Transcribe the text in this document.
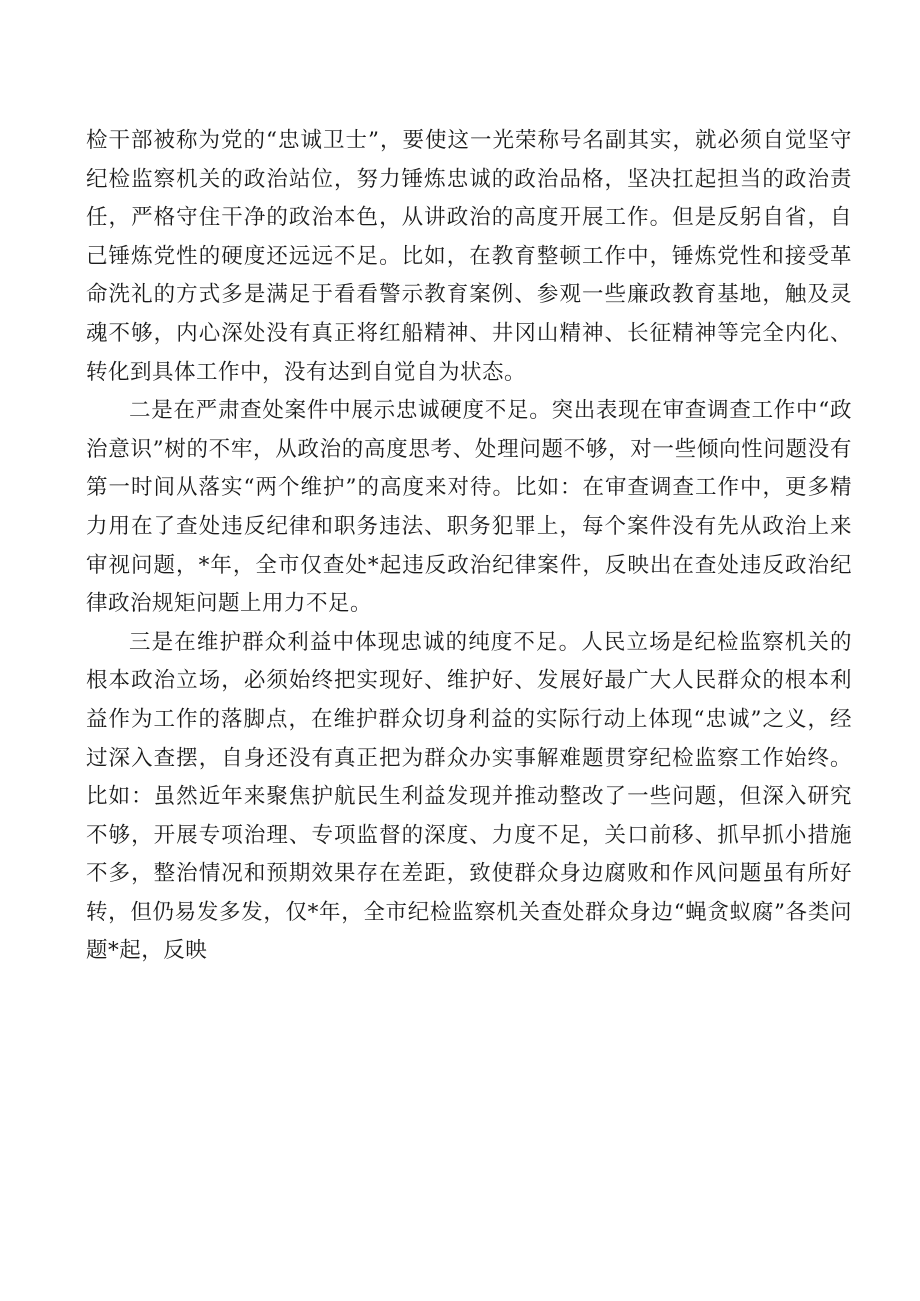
检干部被称为党的“忠诚卫士”，要使这一光荣称号名副其实，就必须自觉坚守纪检监察机关的政治站位，努力锤炼忠诚的政治品格，坚决扛起担当的政治责任，严格守住干净的政治本色，从讲政治的高度开展工作。但是反躬自省，自己锤炼党性的硬度还远远不足。比如，在教育整顿工作中，锤炼党性和接受革命洗礼的方式多是满足于看看警示教育案例、参观一些廉政教育基地，触及灵魂不够，内心深处没有真正将红船精神、井冈山精神、长征精神等完全内化、转化到具体工作中，没有达到自觉自为状态。

二是在严肃查处案件中展示忠诚硬度不足。突出表现在审查调查工作中“政治意识”树的不牢，从政治的高度思考、处理问题不够，对一些倾向性问题没有第一时间从落实“两个维护”的高度来对待。比如：在审查调查工作中，更多精力用在了查处违反纪律和职务违法、职务犯罪上，每个案件没有先从政治上来审视问题，*年，全市仅查处*起违反政治纪律案件，反映出在查处违反政治纪律政治规矩问题上用力不足。

三是在维护群众利益中体现忠诚的纯度不足。人民立场是纪检监察机关的根本政治立场，必须始终把实现好、维护好、发展好最广大人民群众的根本利益作为工作的落脚点，在维护群众切身利益的实际行动上体现“忠诚”之义，经过深入查摆，自身还没有真正把为群众办实事解难题贯穿纪检监察工作始终。比如：虽然近年来聚焦护航民生利益发现并推动整改了一些问题，但深入研究不够，开展专项治理、专项监督的深度、力度不足，关口前移、抓早抓小措施不多，整治情况和预期效果存在差距，致使群众身边腐败和作风问题虽有所好转，但仍易发多发，仅*年，全市纪检监察机关查处群众身边“蝇贪蚁腐”各类问题*起，反映
